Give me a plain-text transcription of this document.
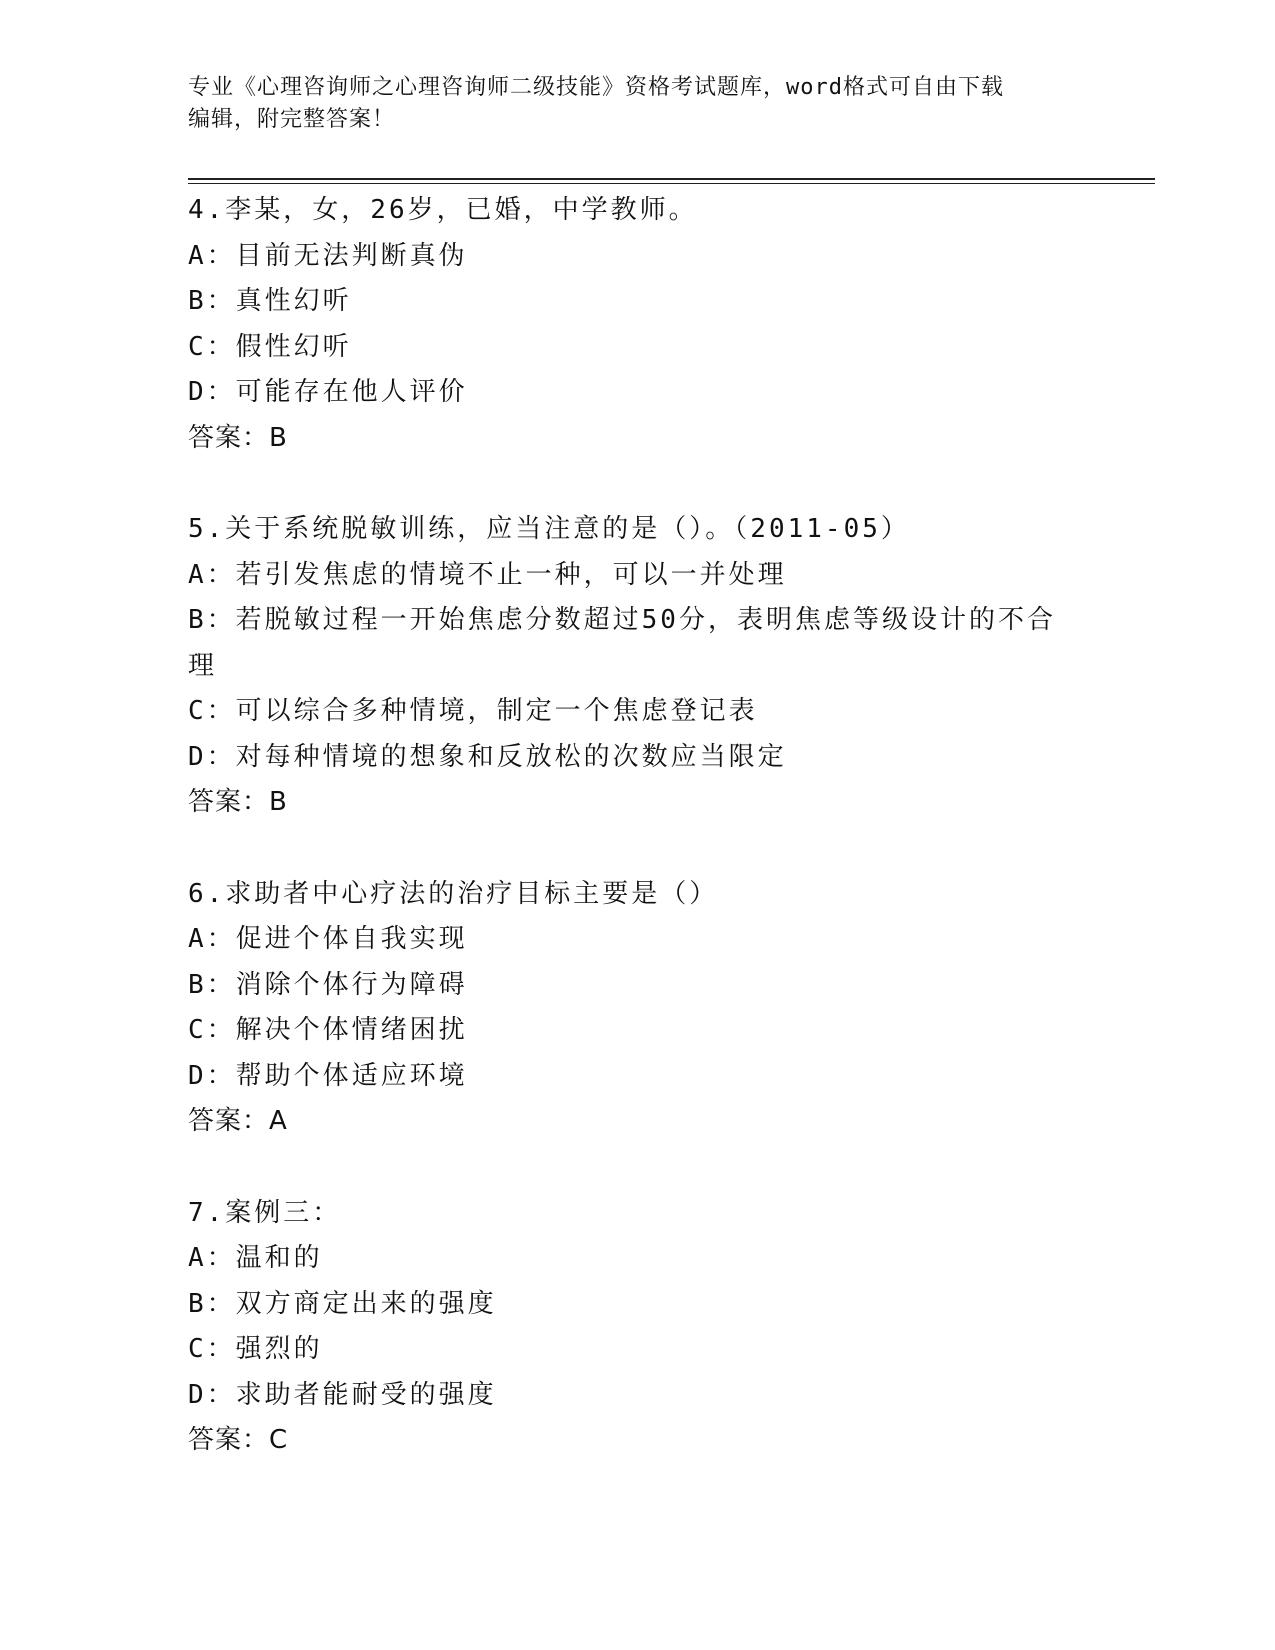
专业《心理咨询师之心理咨询师二级技能》资格考试题库，word格式可自由下载
编辑，附完整答案！
4.李某，女，26岁，已婚，中学教师。
A：目前无法判断真伪
B：真性幻听
C：假性幻听
D：可能存在他人评价
答案：B
5.关于系统脱敏训练，应当注意的是（）。（2011-05）
A：若引发焦虑的情境不止一种，可以一并处理
B：若脱敏过程一开始焦虑分数超过50分，表明焦虑等级设计的不合理
C：可以综合多种情境，制定一个焦虑登记表
D：对每种情境的想象和反放松的次数应当限定
答案：B
6.求助者中心疗法的治疗目标主要是（）
A：促进个体自我实现
B：消除个体行为障碍
C：解决个体情绪困扰
D：帮助个体适应环境
答案：A
7.案例三：
A：温和的
B：双方商定出来的强度
C：强烈的
D：求助者能耐受的强度
答案：C
